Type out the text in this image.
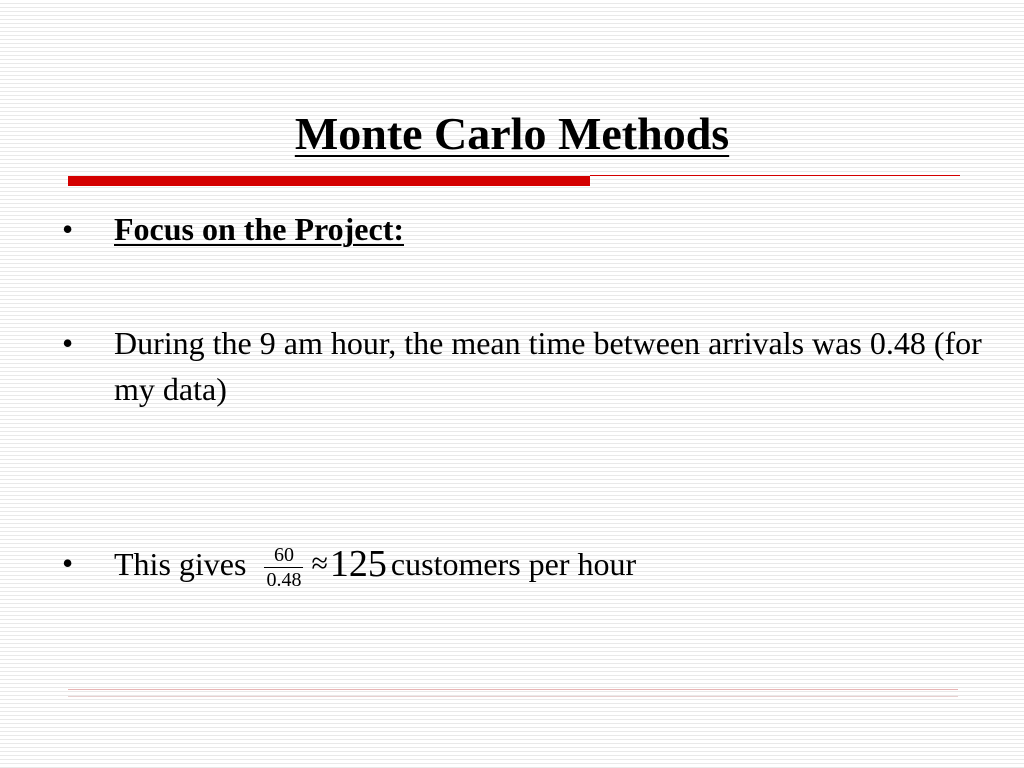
Monte Carlo Methods
• Focus on the Project:
• During the 9 am hour, the mean time between arrivals was 0.48 (for my data)
• This gives $\frac{60}{0.48} \approx 125$ customers per hour
